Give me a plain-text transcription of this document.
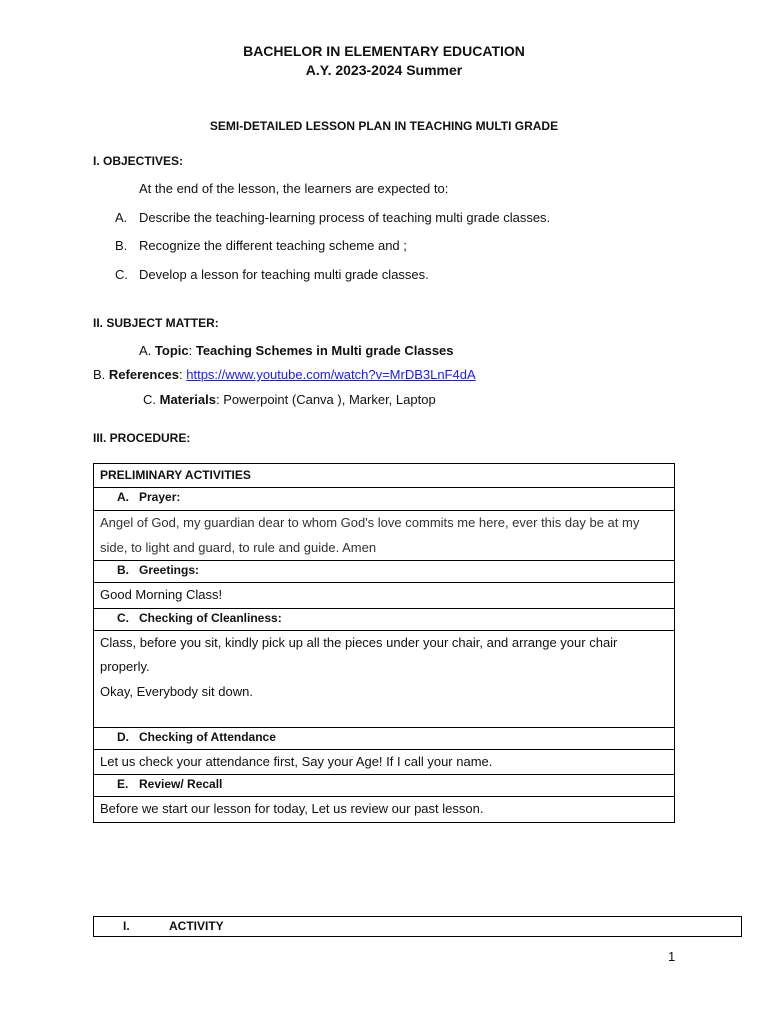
BACHELOR IN ELEMENTARY EDUCATION
A.Y. 2023-2024 Summer
SEMI-DETAILED LESSON PLAN IN TEACHING MULTI GRADE
I. OBJECTIVES:
At the end of the lesson, the learners are expected to:
A. Describe the teaching-learning process of teaching multi grade classes.
B. Recognize the different teaching scheme and ;
C. Develop a lesson for teaching multi grade classes.
II. SUBJECT MATTER:
A. Topic: Teaching Schemes in Multi grade Classes
B. References: https://www.youtube.com/watch?v=MrDB3LnF4dA
C. Materials: Powerpoint (Canva ), Marker, Laptop
III. PROCEDURE:
PRELIMINARY ACTIVITIES
A. Prayer:

Angel of God, my guardian dear to whom God's love commits me here, ever this day be at my
side, to light and guard, to rule and guide. Amen

B. Greetings:

Good Morning Class!

C. Checking of Cleanliness:

Class, before you sit, kindly pick up all the pieces under your chair, and arrange your chair
properly.
Okay, Everybody sit down.

D. Checking of Attendance

Let us check your attendance first, Say your Age! If I call your name.

E. Review/ Recall

Before we start our lesson for today, Let us review our past lesson.
I.	ACTIVITY
1
